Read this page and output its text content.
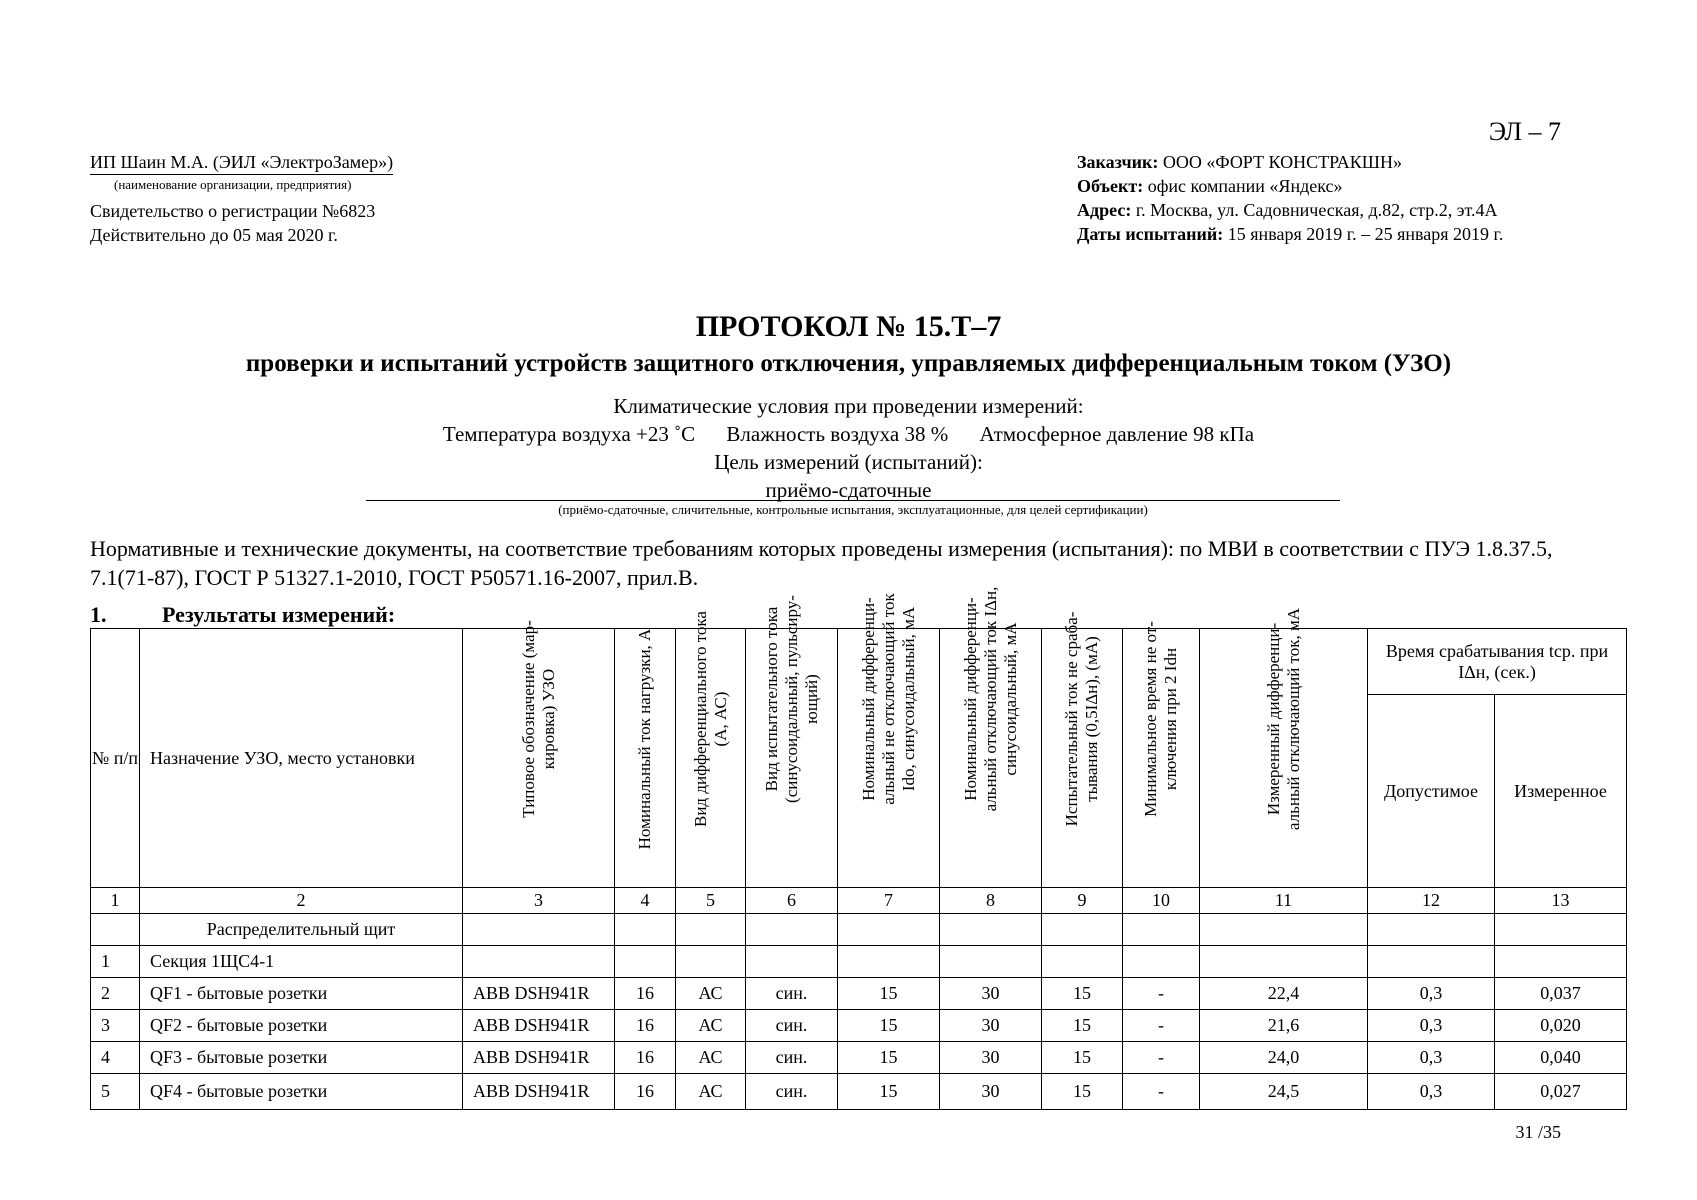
ЭЛ – 7
ИП Шаин М.А. (ЭИЛ «ЭлектроЗамер»)
(наименование организации, предприятия)
Свидетельство о регистрации №6823
Действительно до 05 мая 2020 г.
Заказчик: ООО «ФОРТ КОНСТРАКШН»
Объект: офис компании «Яндекс»
Адрес: г. Москва, ул. Садовническая, д.82, стр.2, эт.4А
Даты испытаний: 15 января 2019 г. – 25 января 2019 г.
ПРОТОКОЛ № 15.Т–7
проверки и испытаний устройств защитного отключения, управляемых дифференциальным током (УЗО)
Климатические условия при проведении измерений:
Температура воздуха +23 ˚С Влажность воздуха 38 % Атмосферное давление 98 кПа
Цель измерений (испытаний):
приёмо-сдаточные
(приёмо-сдаточные, сличительные, контрольные испытания, эксплуатационные, для целей сертификации)
Нормативные и технические документы, на соответствие требованиям которых проведены измерения (испытания): по МВИ в соответствии с ПУЭ 1.8.37.5, 7.1(71-87), ГОСТ Р 51327.1-2010, ГОСТ Р50571.16-2007, прил.В.
1.	Результаты измерений:
№ п/п	Назначение УЗО, место установки	Типовое обозначение (мар-кировка) УЗО	Номинальный ток нагрузки, А	Вид дифференциального тока (А, АС)	Вид испытательного тока (синусоидальный, пульсиру-ющий)	Номинальный дифференци-альный не отключающий ток Ido, синусоидальный, мА	Номинальный дифференци-альный отключающий ток IΔн, синусоидальный, мА	Испытательный ток не сраба-тывания (0,5IΔн), (мА)	Минимальное время не от-ключения при 2 Idн	Измеренный дифференци-альный отключающий ток, мА	Время срабатывания tср. при IΔн, (сек.)	
											Допустимое	Измеренное
1	2	3	4	5	6	7	8	9	10	11	12	13
	Распределительный щит											
1	Секция 1ЩС4-1											
2	QF1 - бытовые розетки	ABB DSH941R	16	АС	син.	15	30	15	-	22,4	0,3	0,037
3	QF2 - бытовые розетки	ABB DSH941R	16	АС	син.	15	30	15	-	21,6	0,3	0,020
4	QF3 - бытовые розетки	ABB DSH941R	16	АС	син.	15	30	15	-	24,0	0,3	0,040
5	QF4 - бытовые розетки	ABB DSH941R	16	АС	син.	15	30	15	-	24,5	0,3	0,027
31 /35
